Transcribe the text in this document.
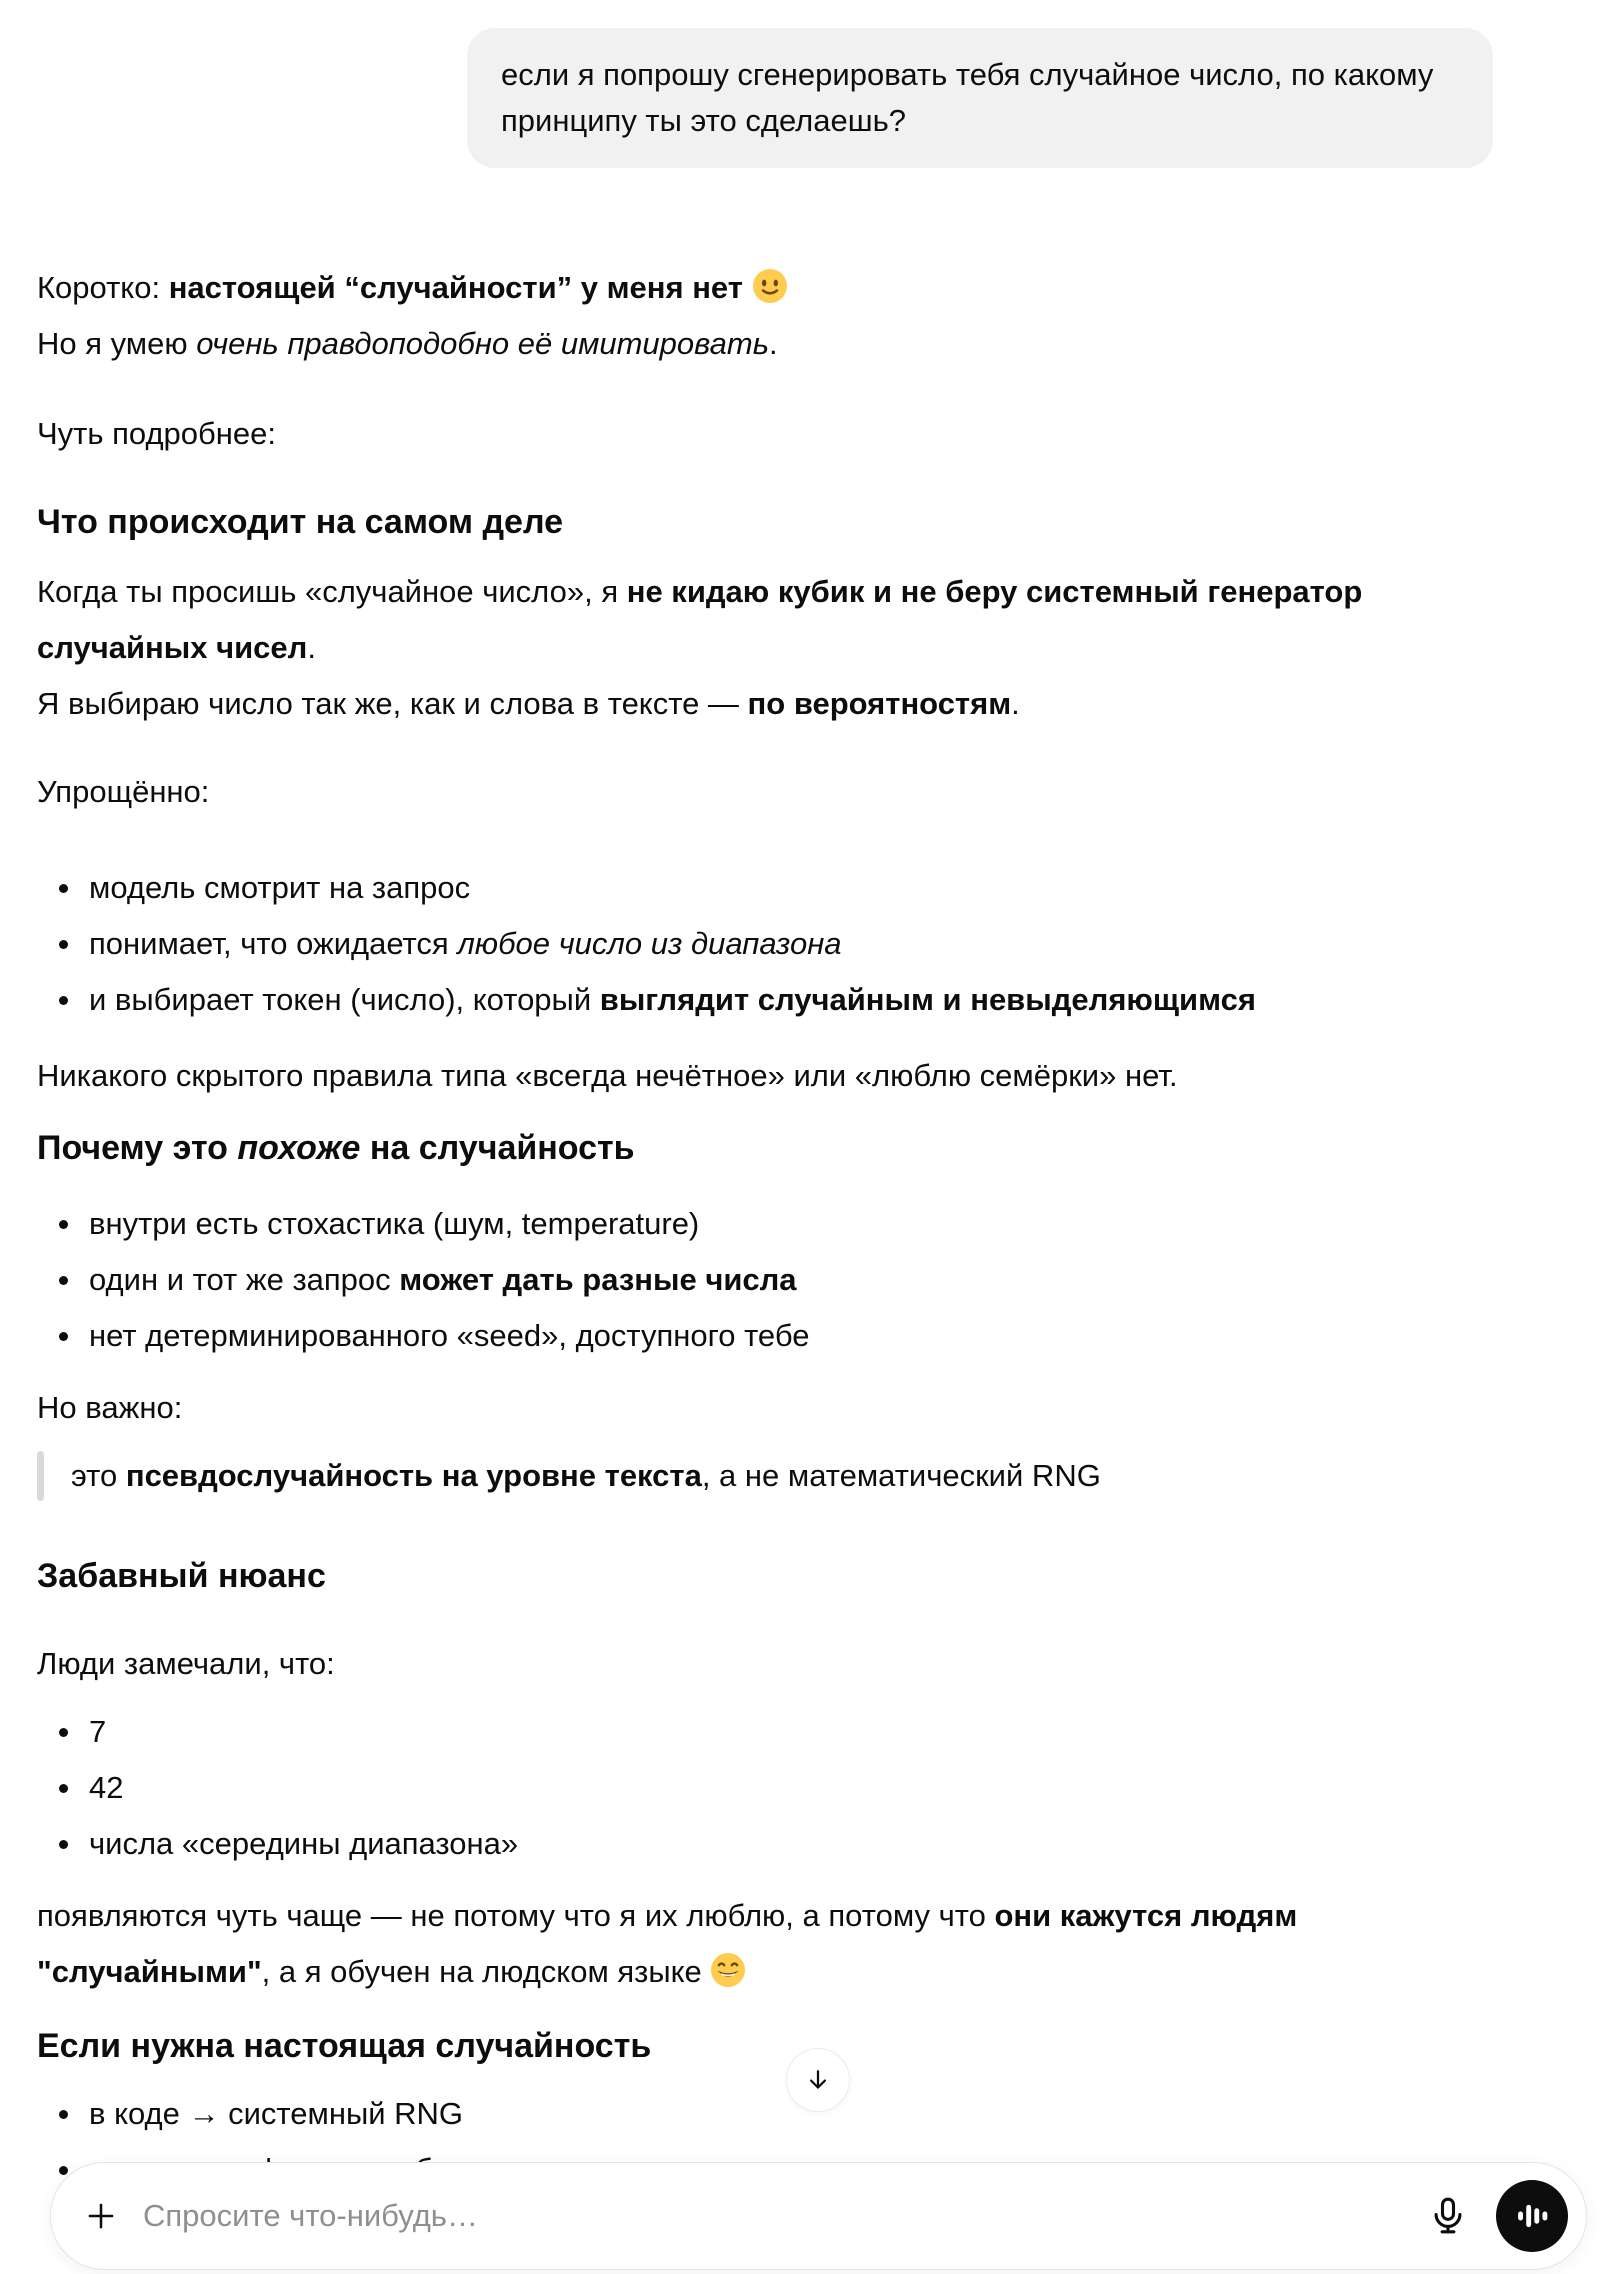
если я попрошу сгенерировать тебя случайное число, по какому принципу ты это сделаешь?

Коротко: настоящей “случайности” у меня нет

Но я умею очень правдоподобно её имитировать.

Чуть подробнее:

Что происходит на самом деле

Когда ты просишь «случайное число», я не кидаю кубик и не беру системный генератор случайных чисел.
Я выбираю число так же, как и слова в тексте — по вероятностям.

Упрощённо:

модель смотрит на запрос
понимает, что ожидается любое число из диапазона
и выбирает токен (число), который выглядит случайным и невыделяющимся

Никакого скрытого правила типа «всегда нечётное» или «люблю семёрки» нет.

Почему это похоже на случайность
внутри есть стохастика (шум, temperature)
один и тот же запрос может дать разные числа
нет детерминированного «seed», доступного тебе

Но важно:

это псевдослучайность на уровне текста, а не математический RNG
Забавный нюанс

Люди замечали, что:

7
42
числа «середины диапазона»

появляются чуть чаще — не потому что я их люблю, а потому что они кажутся людям "случайными", а я обучен на людском языке

Если нужна настоящая случайность
в коде → системный RNG
Спросите что-нибудь…
